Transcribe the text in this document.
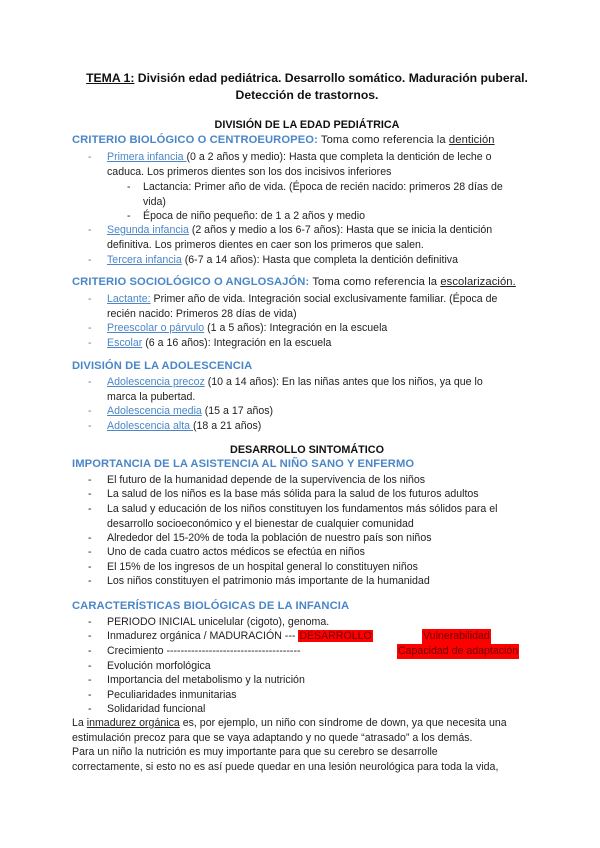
TEMA 1: División edad pediátrica. Desarrollo somático. Maduración puberal.
Detección de trastornos.
DIVISIÓN DE LA EDAD PEDIÁTRICA
CRITERIO BIOLÓGICO O CENTROEUROPEO: Toma como referencia la dentición
- Primera infancia (0 a 2 años y medio): Hasta que completa la dentición de leche o
caduca. Los primeros dientes son los dos incisivos inferiores
- Lactancia: Primer año de vida. (Época de recién nacido: primeros 28 días de
vida)
- Época de niño pequeño: de 1 a 2 años y medio
- Segunda infancia (2 años y medio a los 6-7 años): Hasta que se inicia la dentición
definitiva. Los primeros dientes en caer son los primeros que salen.
- Tercera infancia (6-7 a 14 años): Hasta que completa la dentición definitiva
CRITERIO SOCIOLÓGICO O ANGLOSAJÓN: Toma como referencia la escolarización.
- Lactante: Primer año de vida. Integración social exclusivamente familiar. (Época de
recién nacido: Primeros 28 días de vida)
- Preescolar o párvulo (1 a 5 años): Integración en la escuela
- Escolar (6 a 16 años): Integración en la escuela
DIVISIÓN DE LA ADOLESCENCIA
- Adolescencia precoz (10 a 14 años): En las niñas antes que los niños, ya que lo
marca la pubertad.
- Adolescencia media (15 a 17 años)
- Adolescencia alta (18 a 21 años)
DESARROLLO SINTOMÁTICO
IMPORTANCIA DE LA ASISTENCIA AL NIÑO SANO Y ENFERMO
- El futuro de la humanidad depende de la supervivencia de los niños
- La salud de los niños es la base más sólida para la salud de los futuros adultos
- La salud y educación de los niños constituyen los fundamentos más sólidos para el
desarrollo socioeconómico y el bienestar de cualquier comunidad
- Alrededor del 15-20% de toda la población de nuestro país son niños
- Uno de cada cuatro actos médicos se efectúa en niños
- El 15% de los ingresos de un hospital general lo constituyen niños
- Los niños constituyen el patrimonio más importante de la humanidad
CARACTERÍSTICAS BIOLÓGICAS DE LA INFANCIA
- PERIODO INICIAL unicelular (cigoto), genoma.
- Inmadurez orgánica / MADURACIÓN --- DESARROLLO	Vulnerabilidad
- Crecimiento --------------------------------------	Capacidad de adaptación
- Evolución morfológica
- Importancia del metabolismo y la nutrición
- Peculiaridades inmunitarias
- Solidaridad funcional
La inmadurez orgánica es, por ejemplo, un niño con síndrome de down, ya que necesita una
estimulación precoz para que se vaya adaptando y no quede “atrasado” a los demás.
Para un niño la nutrición es muy importante para que su cerebro se desarrolle
correctamente, si esto no es así puede quedar en una lesión neurológica para toda la vida,
